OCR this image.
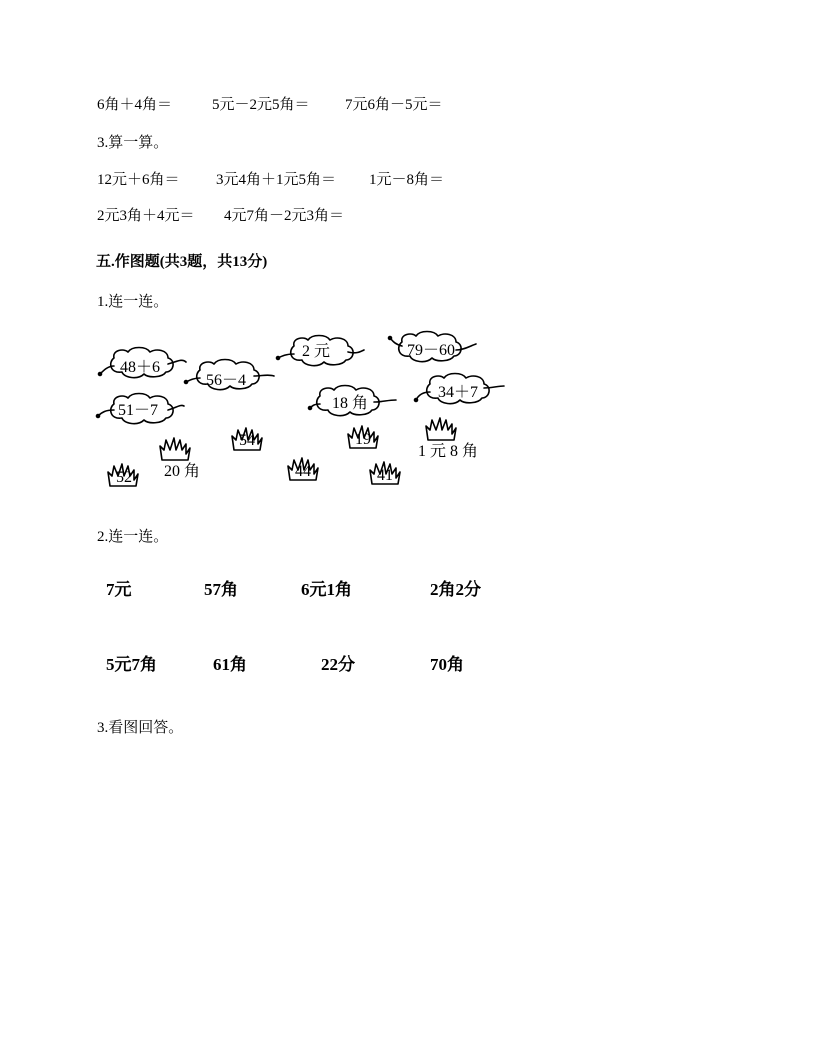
6角＋4角＝	5元－2元5角＝ 7元6角－5元＝
3.算一算。
12元＋6角＝ 3元4角＋1元5角＝ 1元－8角＝
2元3角＋4元＝ 4元7角－2元3角＝
五.作图题(共3题，共13分)
1.连一连。
48＋6
56－4
2 元	79－60
18 角
34＋7
51－7
54	19
52	44	41
20 角
1 元 8 角
2.连一连。
7元	57角	6元1角	2角2分
5元7角	61角	22分	70角
3.看图回答。
